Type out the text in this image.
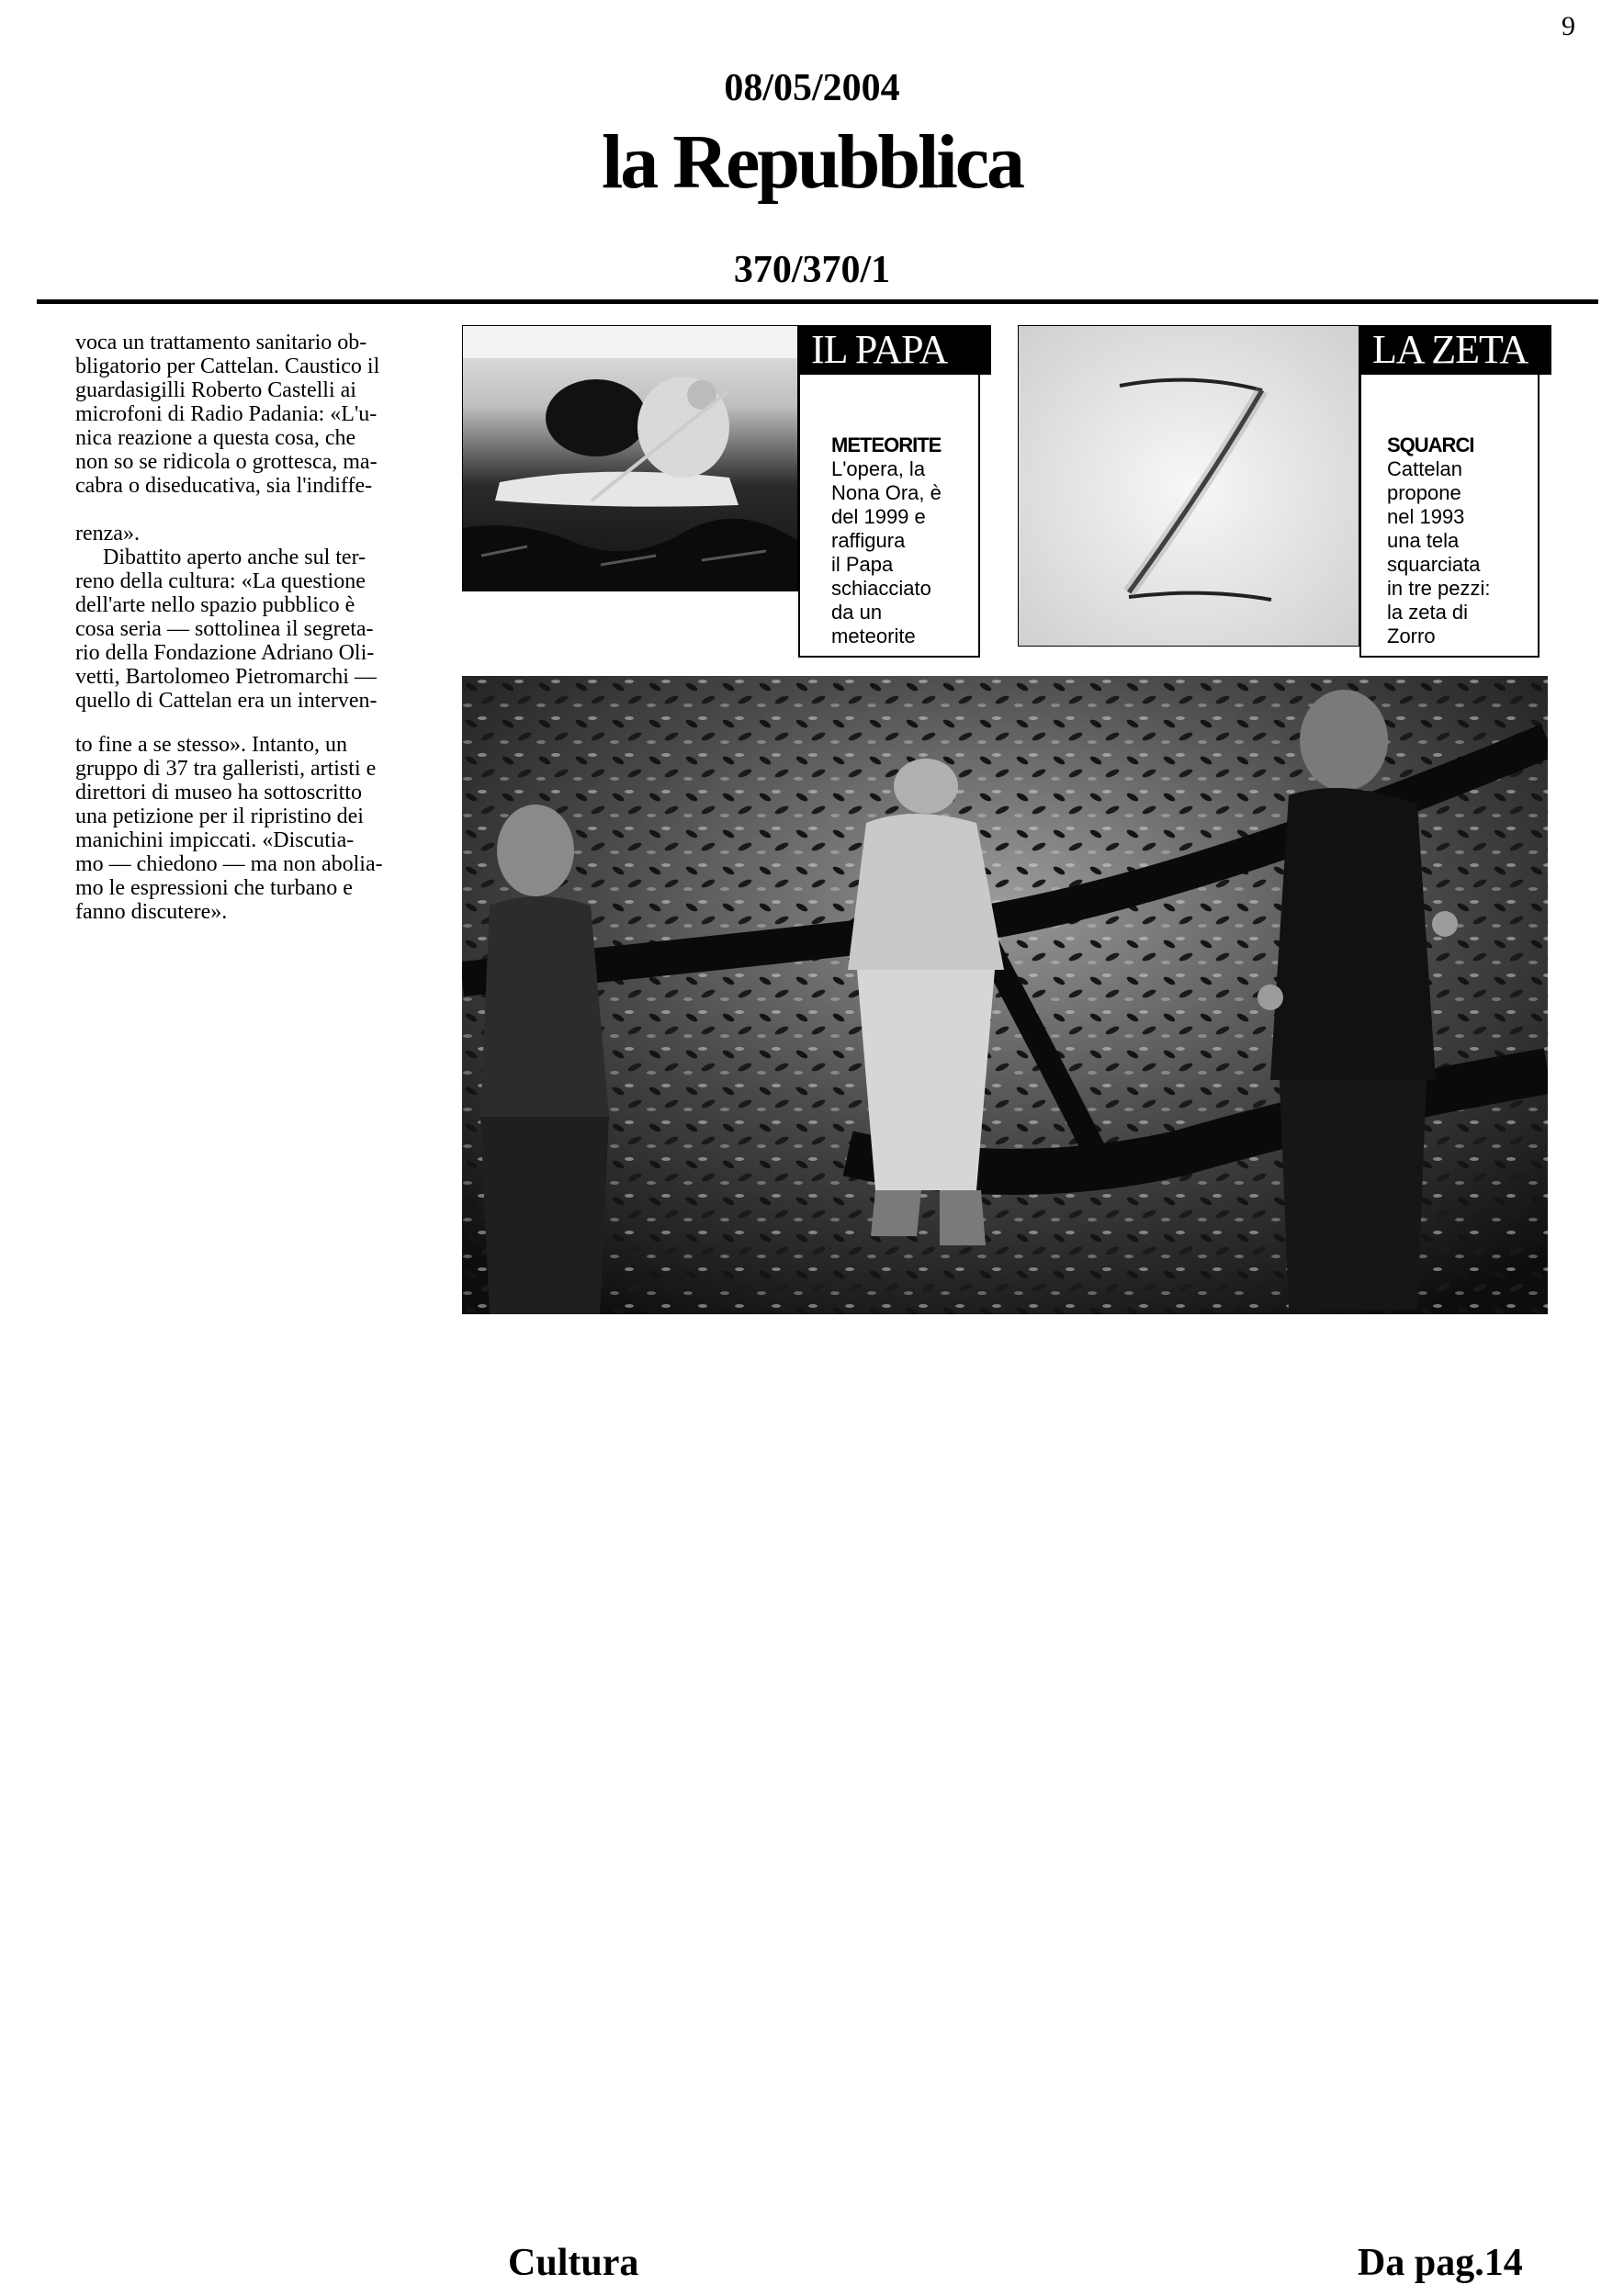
9
08/05/2004
la Repubblica
370/370/1

voca un trattamento sanitario ob-

bligatorio per Cattelan. Caustico il

guardasigilli Roberto Castelli ai

microfoni di Radio Padania: «L'u-

nica reazione a questa cosa, che

non so se ridicola o grottesca, ma-

cabra o diseducativa, sia l'indiffe-

renza».

Dibattito aperto anche sul ter-

reno della cultura: «La questione

dell'arte nello spazio pubblico è

cosa seria — sottolinea il segreta-

rio della Fondazione Adriano Oli-

vetti, Bartolomeo Pietromarchi —

quello di Cattelan era un interven-

to fine a se stesso». Intanto, un

gruppo di 37 tra galleristi, artisti e

direttori di museo ha sottoscritto

una petizione per il ripristino dei

manichini impiccati. «Discutia-

mo — chiedono — ma non abolia-

mo le espressioni che turbano e

fanno discutere».

IL PAPA
METEORITE
L'opera, la
Nona Ora, è
del 1999 e
raffigura
il Papa
schiacciato
da un
meteorite
LA ZETA
SQUARCI
Cattelan
propone
nel 1993
una tela
squarciata
in tre pezzi:
la zeta di
Zorro
Cultura	Da pag.14
